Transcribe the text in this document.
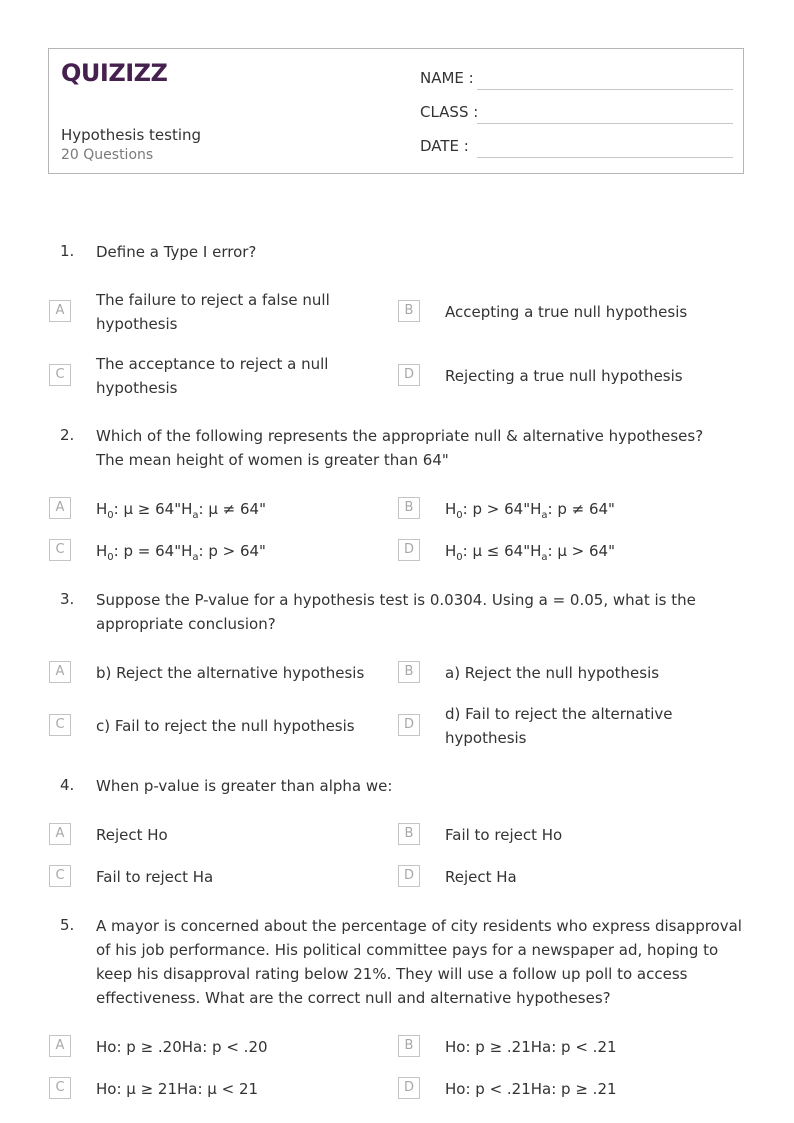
QUIZIZZ
Hypothesis testing
20 Questions
NAME :
CLASS :
DATE :
1. Define a Type I error?
A
The failure to reject a false null hypothesis
B	Accepting a true null hypothesis
C
The acceptance to reject a null hypothesis
D	Rejecting a true null hypothesis
2. Which of the following represents the appropriate null & alternative hypotheses?
The mean height of women is greater than 64"
A	$H_0$: $\mu \ge 64"H_a$: µ ≠ 64"	B	$H_0$: $p > 64"H_a$: p ≠ 64"
C	$H_0$: $p = 64"H_a$: p > 64"	D	$H_0$: $\mu \le 64"H_a$: µ > 64"
3. Suppose the P-value for a hypothesis test is 0.0304. Using a = 0.05, what is the appropriate conclusion?
A	b) Reject the alternative hypothesis	B	a) Reject the null hypothesis
C	c) Fail to reject the null hypothesis	D
d) Fail to reject the alternative hypothesis
4. When p-value is greater than alpha we:
A	Reject Ho	B	Fail to reject Ho
C	Fail to reject Ha	D	Reject Ha
5. A mayor is concerned about the percentage of city residents who express disapproval of his job performance. His political committee pays for a newspaper ad, hoping to keep his disapproval rating below 21%. They will use a follow up poll to access effectiveness. What are the correct null and alternative hypotheses?
A	Ho: p ≥ .20Ha: p < .20	B	Ho: p ≥ .21Ha: p < .21
C	Ho: µ ≥ 21Ha: µ < 21	D	Ho: p < .21Ha: p ≥ .21
